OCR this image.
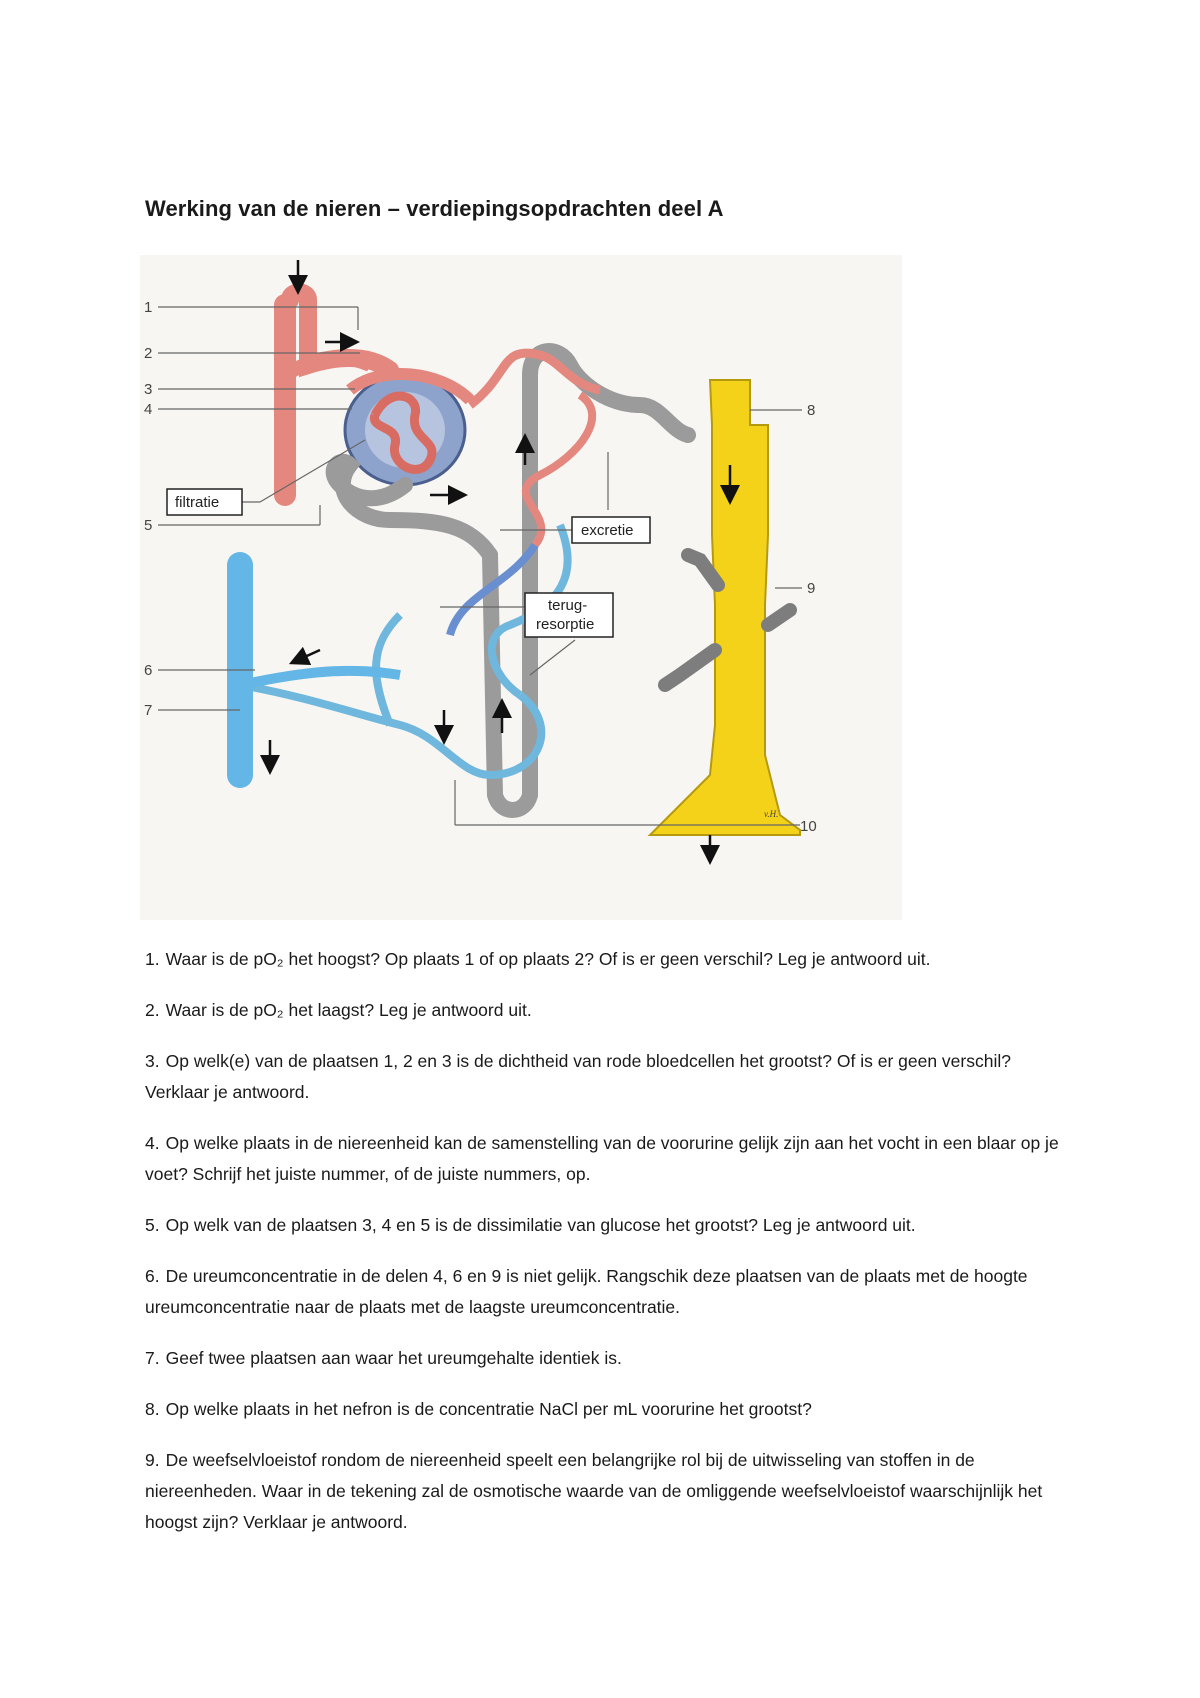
Werking van de nieren – verdiepingsopdrachten deel A
1
2
3
4
5
6
7
8
9
10
filtratie
excretie
terug-
resorptie
v.H.

1. Waar is de pO₂ het hoogst? Op plaats 1 of op plaats 2? Of is er geen verschil? Leg je antwoord uit.

2. Waar is de pO₂ het laagst? Leg je antwoord uit.

3. Op welk(e) van de plaatsen 1, 2 en 3 is de dichtheid van rode bloedcellen het grootst? Of is er geen verschil? Verklaar je antwoord.

4. Op welke plaats in de niereenheid kan de samenstelling van de voorurine gelijk zijn aan het vocht in een blaar op je voet? Schrijf het juiste nummer, of de juiste nummers, op.

5. Op welk van de plaatsen 3, 4 en 5 is de dissimilatie van glucose het grootst? Leg je antwoord uit.

6. De ureumconcentratie in de delen 4, 6 en 9 is niet gelijk. Rangschik deze plaatsen van de plaats met de hoogte ureumconcentratie naar de plaats met de laagste ureumconcentratie.

7. Geef twee plaatsen aan waar het ureumgehalte identiek is.

8. Op welke plaats in het nefron is de concentratie NaCl per mL voorurine het grootst?

9. De weefselvloeistof rondom de niereenheid speelt een belangrijke rol bij de uitwisseling van stoffen in de niereenheden. Waar in de tekening zal de osmotische waarde van de omliggende weefselvloeistof waarschijnlijk het hoogst zijn? Verklaar je antwoord.
